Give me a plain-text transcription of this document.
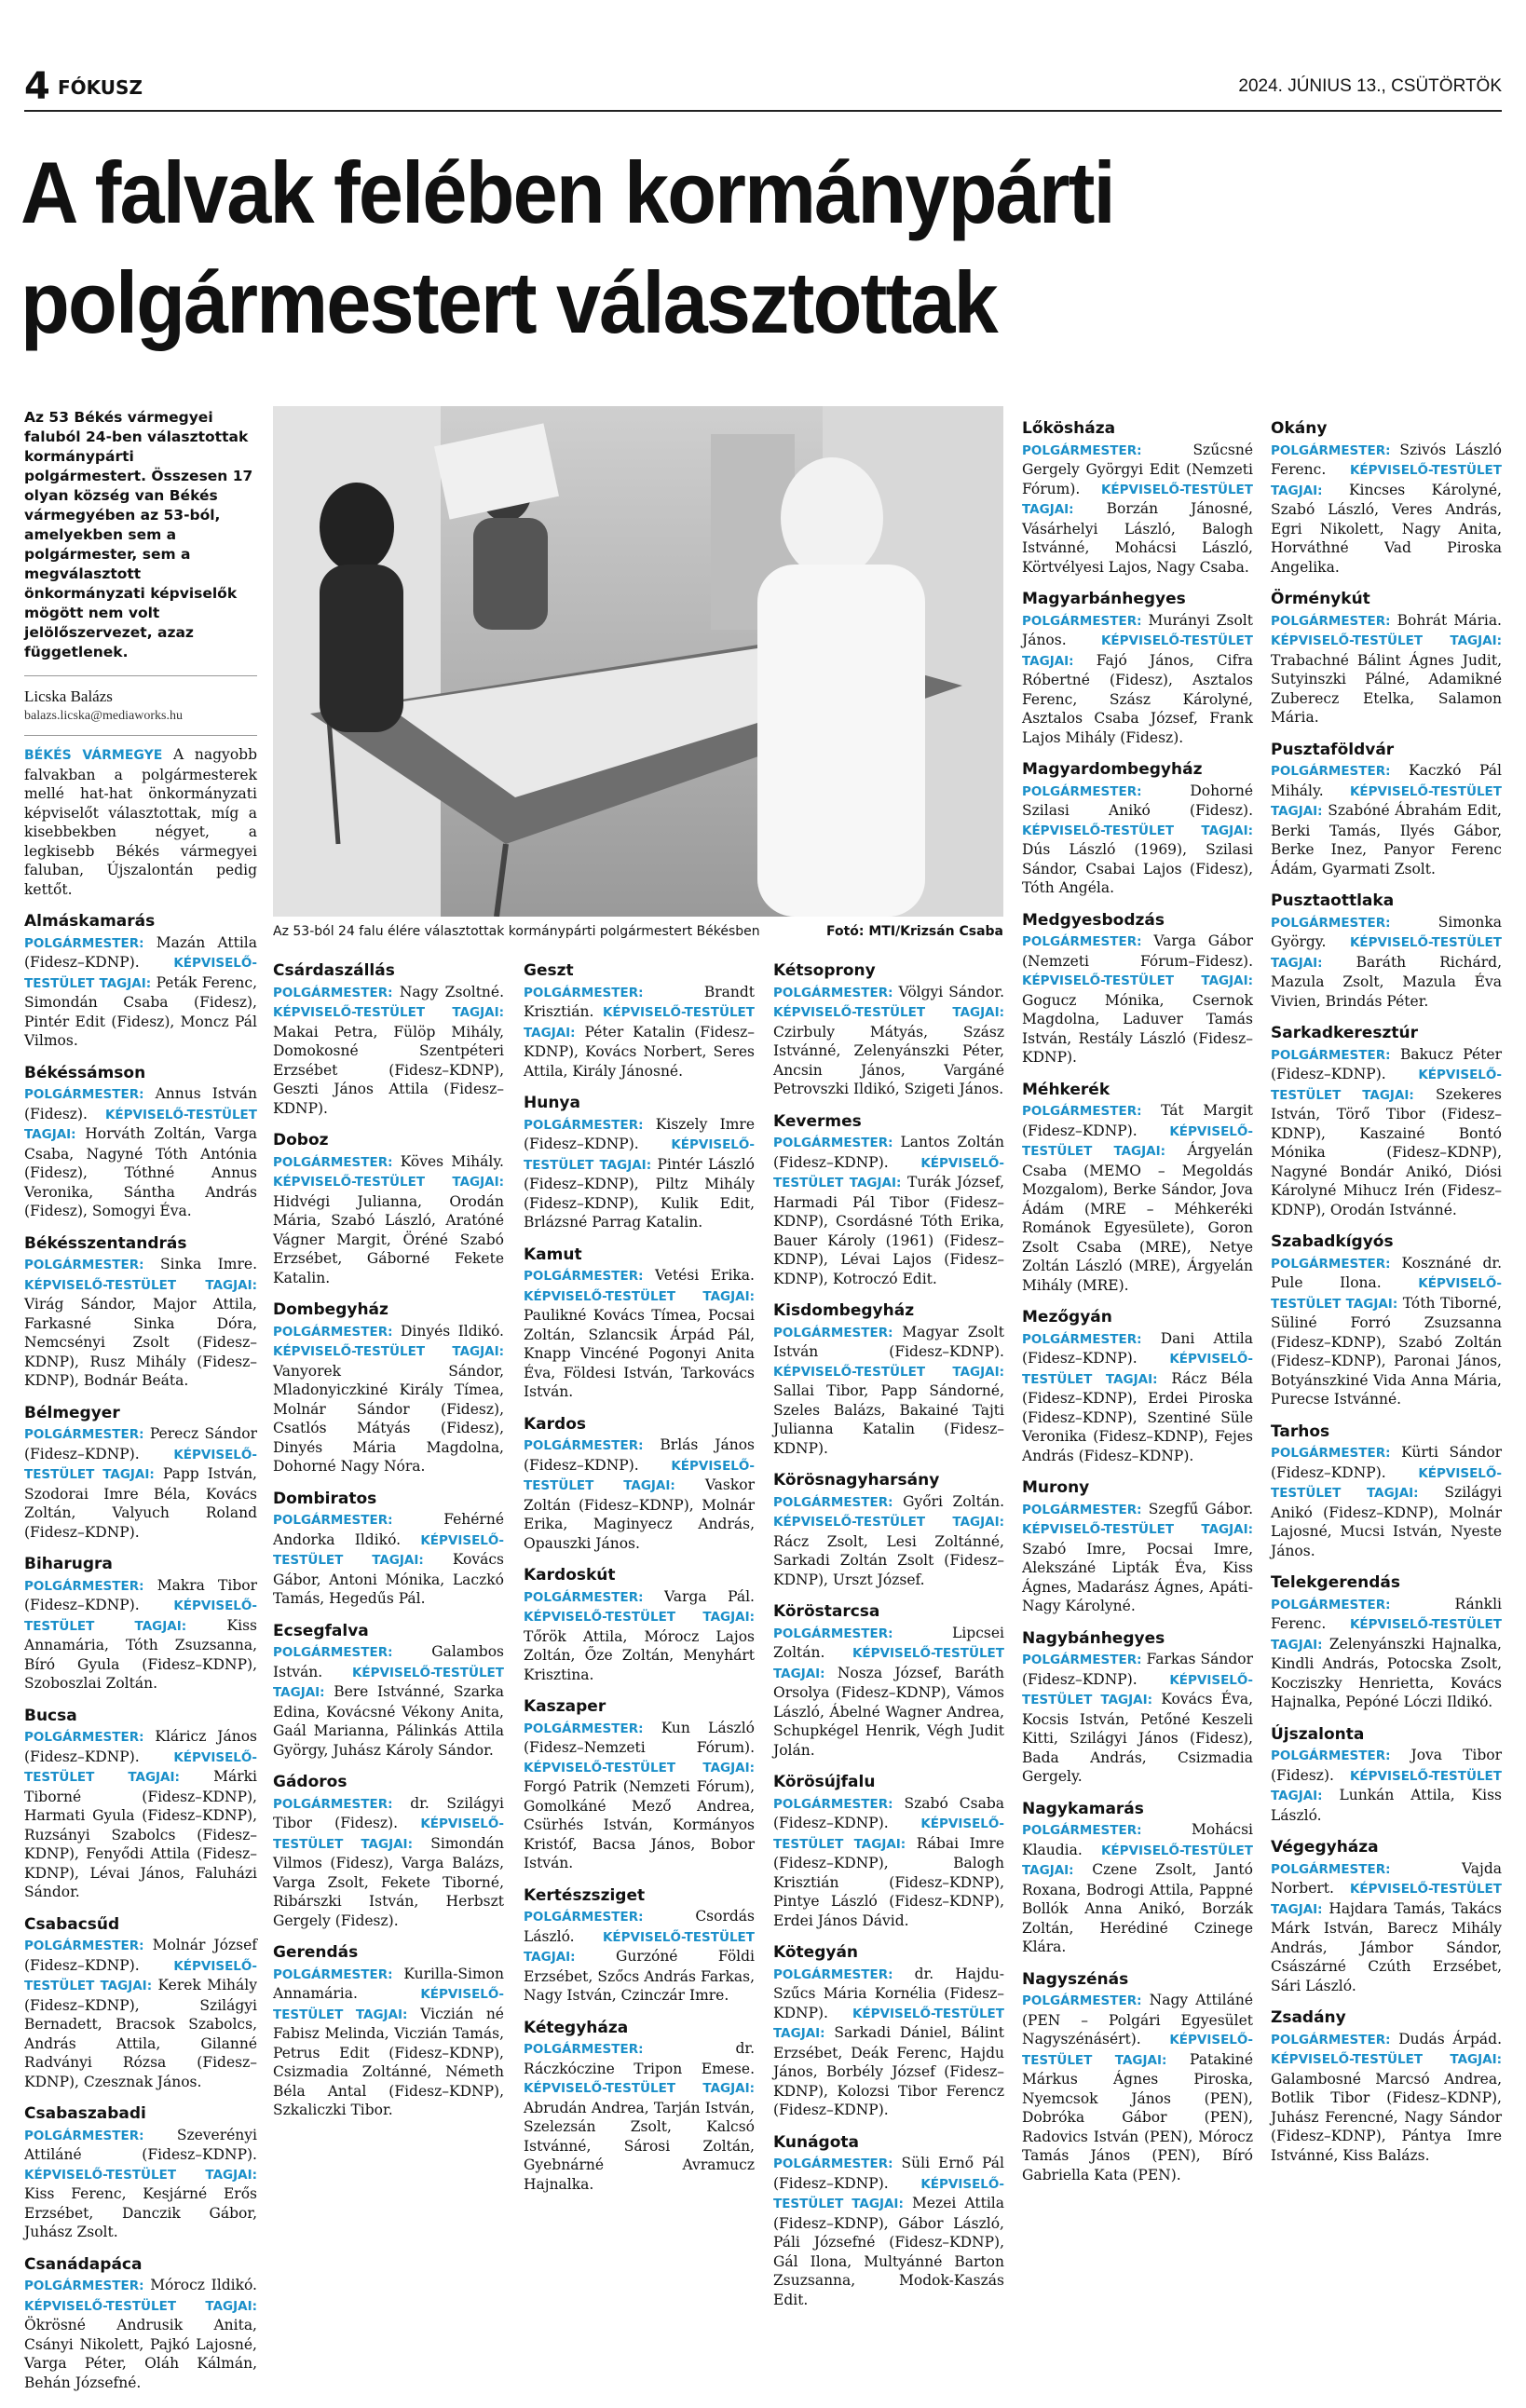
4 FÓKUSZ	2024. JÚNIUS 13., CSÜTÖRTÖK
A falvak felében kormánypárti polgármestert választottak

Az 53 Békés vármegyei faluból 24-ben választottak kormánypárti polgármestert. Összesen 17 olyan község van Békés vármegyében az 53-ból, amelyekben sem a polgármester, sem a megválasztott önkormányzati képviselők mögött nem volt jelölőszervezet, azaz függetlenek.

Licska Balázs
balazs.licska@mediaworks.hu

BÉKÉS VÁRMEGYE A nagyobb falvakban a polgármesterek mellé hat-hat önkormányzati képviselőt választottak, míg a kisebbekben négyet, a legkisebb Békés vármegyei faluban, Újszalontán pedig kettőt.

Almáskamarás

POLGÁRMESTER: Mazán Attila (Fidesz–KDNP).	KÉPVISELŐ-TESTÜLET TAGJAI: Peták Ferenc, Simondán Csaba (Fidesz), Pintér Edit (Fidesz), Moncz Pál Vilmos.

Békéssámson

POLGÁRMESTER: Annus István (Fidesz). KÉPVISELŐ-TESTÜLET TAGJAI: Horváth Zoltán, Varga Csaba, Nagyné Tóth Antónia (Fidesz), Tóthné Annus Veronika, Sántha András (Fidesz), Somogyi Éva.

Békésszentandrás

POLGÁRMESTER: Sinka Imre. KÉPVISELŐ-TESTÜLET TAGJAI: Virág Sándor, Major Attila, Farkasné Sinka Dóra, Nemcsényi Zsolt (Fidesz–KDNP), Rusz Mihály (Fidesz–KDNP), Bodnár Beáta.

Bélmegyer

POLGÁRMESTER: Perecz Sándor (Fidesz–KDNP).	KÉPVISELŐ-TESTÜLET TAGJAI: Papp István, Szodorai Imre Béla, Kovács Zoltán, Valyuch Roland (Fidesz–KDNP).

Biharugra

POLGÁRMESTER: Makra Tibor (Fidesz–KDNP).	KÉPVISELŐ-TESTÜLET TAGJAI:	Kiss Annamária, Tóth Zsuzsanna, Bíró Gyula (Fidesz–KDNP), Szoboszlai Zoltán.

Bucsa

POLGÁRMESTER: Kláricz János (Fidesz–KDNP).	KÉPVISELŐ-TESTÜLET TAGJAI: Márki Tiborné (Fidesz–KDNP), Harmati Gyula (Fidesz–KDNP), Ruzsányi Szabolcs (Fidesz–KDNP), Fenyődi Attila (Fidesz–KDNP), Lévai János, Faluházi Sándor.

Csabacsűd

POLGÁRMESTER: Molnár József (Fidesz–KDNP).	KÉPVISELŐ-TESTÜLET TAGJAI: Kerek Mihály (Fidesz–KDNP), Szilágyi Bernadett, Bracsok Szabolcs, András Attila, Gilanné Radványi Rózsa (Fidesz–KDNP), Czesznak János.

Csabaszabadi

POLGÁRMESTER: Szeverényi Attiláné (Fidesz–KDNP). KÉPVISELŐ-TESTÜLET TAGJAI: Kiss Ferenc, Kesjárné Erős Erzsébet, Danczik Gábor, Juhász Zsolt.

Csanádapáca

POLGÁRMESTER: Mórocz Ildikó. KÉPVISELŐ-TESTÜLET TAGJAI: Ökrösné Andrusik Anita, Csányi Nikolett, Pajkó Lajosné, Varga Péter, Oláh Kálmán, Behán Józsefné.

Az 53-ból 24 falu élére választottak kormánypárti polgármestert Békésben	Fotó: MTI/Krizsán Csaba
Csárdaszállás

POLGÁRMESTER: Nagy Zsoltné. KÉPVISELŐ-TESTÜLET TAGJAI: Makai Petra, Fülöp Mihály, Domokosné Szentpéteri Erzsébet (Fidesz–KDNP), Geszti János Attila (Fidesz–KDNP).

Doboz

POLGÁRMESTER: Köves Mihály. KÉPVISELŐ-TESTÜLET TAGJAI: Hidvégi Julianna, Orodán Mária, Szabó László, Aratóné Vágner Margit, Öréné Szabó Erzsébet, Gáborné Fekete Katalin.

Dombegyház

POLGÁRMESTER: Dinyés Ildikó. KÉPVISELŐ-TESTÜLET TAGJAI: Vanyorek Sándor, Mladonyiczkiné Király Tímea, Molnár Sándor (Fidesz), Csatlós Mátyás (Fidesz), Dinyés Mária Magdolna, Dohorné Nagy Nóra.

Dombiratos

POLGÁRMESTER:	Fehérné Andorka Ildikó. KÉPVISELŐ-TESTÜLET TAGJAI: Kovács Gábor, Antoni Mónika, Laczkó Tamás, Hegedűs Pál.

Ecsegfalva

POLGÁRMESTER:	Galambos István. KÉPVISELŐ-TESTÜLET TAGJAI: Bere Istvánné, Szarka Edina, Kovácsné Vékony Anita, Gaál Marianna, Pálinkás Attila György, Juhász Károly Sándor.

Gádoros

POLGÁRMESTER: dr. Szilágyi Tibor (Fidesz). KÉPVISELŐ-TESTÜLET TAGJAI: Simondán Vilmos (Fidesz), Varga Balázs, Varga Zsolt, Fekete Tiborné, Ribárszki István, Herbszt Gergely (Fidesz).

Gerendás

POLGÁRMESTER: Kurilla-Simon Annamária.	KÉPVISELŐ-TESTÜLET TAGJAI: Viczián né Fabisz Melinda, Viczián Tamás, Petrus Edit (Fidesz–KDNP), Csizmadia Zoltánné, Németh Béla Antal (Fidesz–KDNP), Szkaliczki Tibor.

Geszt

POLGÁRMESTER:	Brandt Krisztián. KÉPVISELŐ-TESTÜLET TAGJAI: Péter Katalin (Fidesz–KDNP), Kovács Norbert, Seres Attila, Király Jánosné.

Hunya

POLGÁRMESTER: Kiszely Imre (Fidesz–KDNP).	KÉPVISELŐ-TESTÜLET TAGJAI: Pintér László (Fidesz–KDNP), Piltz Mihály (Fidesz–KDNP), Kulik Edit, Brlázsné Parrag Katalin.

Kamut

POLGÁRMESTER: Vetési Erika. KÉPVISELŐ-TESTÜLET TAGJAI: Paulikné Kovács Tímea, Pocsai Zoltán, Szlancsik Árpád Pál, Knapp Vincéné Pogonyi Anita Éva, Földesi István, Tarkovács István.

Kardos

POLGÁRMESTER: Brlás János (Fidesz–KDNP).	KÉPVISELŐ-TESTÜLET TAGJAI: Vaskor Zoltán (Fidesz–KDNP), Molnár Erika, Maginyecz András, Opauszki János.

Kardoskút

POLGÁRMESTER: Varga Pál. KÉPVISELŐ-TESTÜLET TAGJAI: Tőrök Attila, Mórocz Lajos Zoltán, Őze Zoltán, Menyhárt Krisztina.

Kaszaper

POLGÁRMESTER: Kun László (Fidesz–Nemzeti Fórum). KÉPVISELŐ-TESTÜLET TAGJAI: Forgó Patrik (Nemzeti Fórum), Gomolkáné Mező Andrea, Csürhés István, Kormányos Kristóf, Bacsa János, Bobor István.

Kertészsziget

POLGÁRMESTER:	Csordás László. KÉPVISELŐ-TESTÜLET TAGJAI:	Gurzóné Földi Erzsébet, Szőcs András Farkas, Nagy István, Czinczár Imre.

Kétegyháza

POLGÁRMESTER:	dr. Ráczkóczine Tripon Emese. KÉPVISELŐ-TESTÜLET TAGJAI: Abrudán Andrea, Tarján István, Szelezsán Zsolt, Kalcsó Istvánné, Sárosi Zoltán, Gyebnárné Avramucz Hajnalka.

Kétsoprony

POLGÁRMESTER: Völgyi Sándor. KÉPVISELŐ-TESTÜLET TAGJAI: Czirbuly Mátyás, Szász Istvánné, Zelenyánszki Péter, Ancsin János, Vargáné Petrovszki Ildikó, Szigeti János.

Kevermes

POLGÁRMESTER: Lantos Zoltán (Fidesz–KDNP).	KÉPVISELŐ-TESTÜLET TAGJAI: Turák József, Harmadi Pál Tibor (Fidesz–KDNP), Csordásné Tóth Erika, Bauer Károly (1961) (Fidesz–KDNP), Lévai Lajos (Fidesz–KDNP), Kotroczó Edit.

Kisdombegyház

POLGÁRMESTER: Magyar Zsolt István (Fidesz–KDNP). KÉPVISELŐ-TESTÜLET TAGJAI: Sallai Tibor, Papp Sándorné, Szeles Balázs, Bakainé Tajti Julianna Katalin (Fidesz–KDNP).

Körösnagyharsány

POLGÁRMESTER: Győri Zoltán. KÉPVISELŐ-TESTÜLET TAGJAI: Rácz Zsolt, Lesi Zoltánné, Sarkadi Zoltán Zsolt (Fidesz–KDNP), Urszt József.

Köröstarcsa

POLGÁRMESTER:	Lipcsei Zoltán. KÉPVISELŐ-TESTÜLET TAGJAI: Nosza József, Baráth Orsolya (Fidesz–KDNP), Vámos László, Ábelné Wagner Andrea, Schupkégel Henrik, Végh Judit Jolán.

Körösújfalu

POLGÁRMESTER: Szabó Csaba (Fidesz–KDNP).	KÉPVISELŐ-TESTÜLET TAGJAI: Rábai Imre (Fidesz–KDNP), Balogh Krisztián (Fidesz–KDNP), Pintye László (Fidesz–KDNP), Erdei János Dávid.

Kötegyán

POLGÁRMESTER: dr. Hajdu-Szűcs Mária Kornélia (Fidesz–KDNP). KÉPVISELŐ-TESTÜLET TAGJAI: Sarkadi Dániel, Bálint Erzsébet, Deák Ferenc, Hajdu János, Borbély József (Fidesz–KDNP), Kolozsi Tibor Ferencz (Fidesz–KDNP).

Kunágota

POLGÁRMESTER: Süli Ernő Pál (Fidesz–KDNP).	KÉPVISELŐ-TESTÜLET TAGJAI: Mezei Attila (Fidesz–KDNP), Gábor László, Páli Józsefné (Fidesz–KDNP), Gál Ilona, Multyánné Barton Zsuzsanna, Modok-Kaszás Edit.

Lőkösháza

POLGÁRMESTER:	Szűcsné Gergely Györgyi Edit (Nemzeti Fórum). KÉPVISELŐ-TESTÜLET TAGJAI: Borzán Jánosné, Vásárhelyi László, Balogh Istvánné, Mohácsi László, Körtvélyesi Lajos, Nagy Csaba.

Magyarbánhegyes

POLGÁRMESTER: Murányi Zsolt János.	KÉPVISELŐ-TESTÜLET TAGJAI: Fajó János, Cifra Róbertné (Fidesz), Asztalos Ferenc, Szász Károlyné, Asztalos Csaba József, Frank Lajos Mihály (Fidesz).

Magyardombegyház

POLGÁRMESTER:	Dohorné Szilasi Anikó (Fidesz). KÉPVISELŐ-TESTÜLET TAGJAI: Dús László (1969), Szilasi Sándor, Csabai Lajos (Fidesz), Tóth Angéla.

Medgyesbodzás

POLGÁRMESTER: Varga Gábor (Nemzeti Fórum–Fidesz). KÉPVISELŐ-TESTÜLET TAGJAI: Gogucz Mónika, Csernok Magdolna, Laduver Tamás István, Restály László (Fidesz–KDNP).

Méhkerék

POLGÁRMESTER: Tát Margit (Fidesz–KDNP).	KÉPVISELŐ-TESTÜLET TAGJAI: Árgyelán Csaba (MEMO – Megoldás Mozgalom), Berke Sándor, Jova Ádám (MRE – Méhkeréki Románok Egyesülete), Goron Zsolt Csaba (MRE), Netye Zoltán László (MRE), Árgyelán Mihály (MRE).

Mezőgyán

POLGÁRMESTER: Dani Attila (Fidesz–KDNP).	KÉPVISELŐ-TESTÜLET TAGJAI: Rácz Béla (Fidesz–KDNP), Erdei Piroska (Fidesz–KDNP), Szentiné Süle Veronika (Fidesz–KDNP), Fejes András (Fidesz–KDNP).

Murony

POLGÁRMESTER: Szegfű Gábor. KÉPVISELŐ-TESTÜLET TAGJAI: Szabó Imre, Pocsai Imre, Alekszáné Lipták Éva, Kiss Ágnes, Madarász Ágnes, Apáti-Nagy Károlyné.

Nagybánhegyes

POLGÁRMESTER: Farkas Sándor (Fidesz–KDNP).	KÉPVISELŐ-TESTÜLET TAGJAI: Kovács Éva, Kocsis István, Petőné Keszeli Kitti, Szilágyi János (Fidesz), Bada András, Csizmadia Gergely.

Nagykamarás

POLGÁRMESTER:	Mohácsi Klaudia. KÉPVISELŐ-TESTÜLET TAGJAI: Czene Zsolt, Jantó Roxana, Bodrogi Attila, Pappné Bollók Anna Anikó, Borzák Zoltán, Herédiné Czinege Klára.

Nagyszénás

POLGÁRMESTER: Nagy Attiláné (PEN – Polgári Egyesület Nagyszénásért). KÉPVISELŐ-TESTÜLET TAGJAI: Patakiné Márkus Ágnes Piroska, Nyemcsok János (PEN), Dobróka Gábor (PEN), Radovics István (PEN), Mórocz Tamás János (PEN), Bíró Gabriella Kata (PEN).

Okány

POLGÁRMESTER: Szivós László Ferenc. KÉPVISELŐ-TESTÜLET TAGJAI: Kincses Károlyné, Szabó László, Veres András, Egri Nikolett, Nagy Anita, Horváthné Vad Piroska Angelika.

Örménykút

POLGÁRMESTER: Bohrát Mária. KÉPVISELŐ-TESTÜLET TAGJAI: Trabachné Bálint Ágnes Judit, Sutyinszki Pálné, Adamikné Zuberecz Etelka, Salamon Mária.

Pusztaföldvár

POLGÁRMESTER: Kaczkó Pál Mihály. KÉPVISELŐ-TESTÜLET TAGJAI: Szabóné Ábrahám Edit, Berki Tamás, Ilyés Gábor, Berke Inez, Panyor Ferenc Ádám, Gyarmati Zsolt.

Pusztaottlaka

POLGÁRMESTER:	Simonka György. KÉPVISELŐ-TESTÜLET TAGJAI: Baráth Richárd, Mazula Zsolt, Mazula Éva Vivien, Brindás Péter.

Sarkadkeresztúr

POLGÁRMESTER: Bakucz Péter (Fidesz–KDNP).	KÉPVISELŐ-TESTÜLET TAGJAI: Szekeres István, Törő Tibor (Fidesz–KDNP), Kaszainé Bontó Mónika (Fidesz–KDNP), Nagyné Bondár Anikó, Diósi Károlyné Mihucz Irén (Fidesz–KDNP), Orodán Istvánné.

Szabadkígyós

POLGÁRMESTER: Kosznáné dr. Pule Ilona.	KÉPVISELŐ-TESTÜLET TAGJAI: Tóth Tiborné, Süliné Forró Zsuzsanna (Fidesz–KDNP), Szabó Zoltán (Fidesz–KDNP), Paronai János, Botyánszkiné Vida Anna Mária, Purecse Istvánné.

Tarhos

POLGÁRMESTER: Kürti Sándor (Fidesz–KDNP).	KÉPVISELŐ-TESTÜLET TAGJAI: Szilágyi Anikó (Fidesz–KDNP), Molnár Lajosné, Mucsi István, Nyeste János.

Telekgerendás

POLGÁRMESTER:	Ránkli Ferenc. KÉPVISELŐ-TESTÜLET TAGJAI: Zelenyánszki Hajnalka, Kindli András, Potocska Zsolt, Kocziszky Henrietta, Kovács Hajnalka, Pepóné Lóczi Ildikó.

Újszalonta

POLGÁRMESTER: Jova Tibor (Fidesz). KÉPVISELŐ-TESTÜLET TAGJAI: Lunkán Attila, Kiss László.

Végegyháza

POLGÁRMESTER:	Vajda Norbert. KÉPVISELŐ-TESTÜLET TAGJAI: Hajdara Tamás, Takács Márk István, Barecz Mihály András, Jámbor Sándor, Császárné Czúth Erzsébet, Sári László.

Zsadány

POLGÁRMESTER: Dudás Árpád. KÉPVISELŐ-TESTÜLET TAGJAI: Galambosné Marcsó Andrea, Botlik Tibor (Fidesz–KDNP), Juhász Ferencné, Nagy Sándor (Fidesz–KDNP), Pántya Imre Istvánné, Kiss Balázs.
